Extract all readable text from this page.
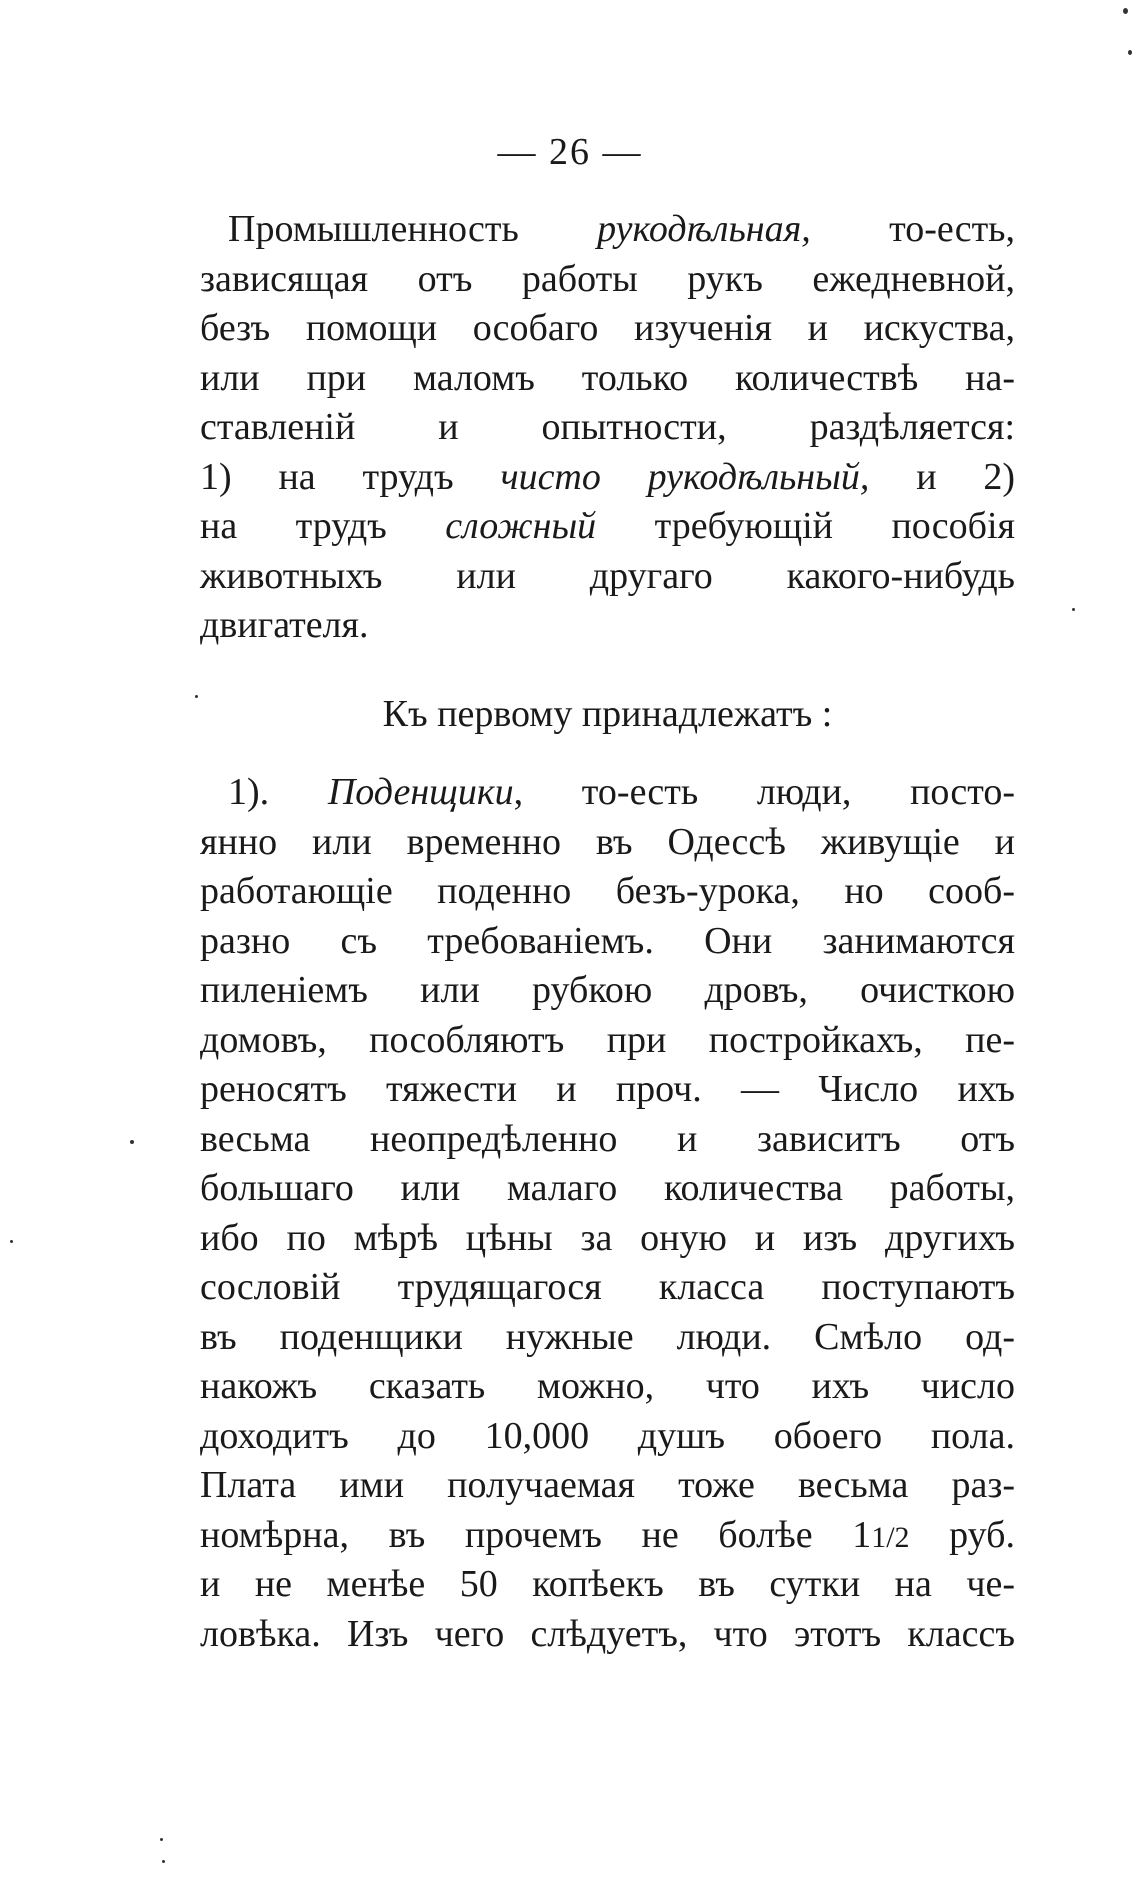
— 26 —
Промышленность рукодѣльная, то-есть,
зависящая отъ работы рукъ ежедневной,
безъ помощи особаго изученія и искуства,
или при маломъ только количествѣ на-
ставленій и опытности, раздѣляется:
1) на трудъ чисто рукодѣльный, и 2)
на трудъ сложный требующій пособія
животныхъ или другаго какого-нибудь
двигателя.
Къ первому принадлежатъ :
1). Поденщики, то-есть люди, посто-
янно или временно въ Одессѣ живущіе и
работающіе поденно безъ-урока, но сооб-
разно съ требованіемъ. Они занимаются
пиленіемъ или рубкою дровъ, очисткою
домовъ, пособляютъ при постройкахъ, пе-
реносятъ тяжести и проч. — Число ихъ
весьма неопредѣленно и зависитъ отъ
большаго или малаго количества работы,
ибо по мѣрѣ цѣны за оную и изъ другихъ
сословій трудящагося класса поступаютъ
въ поденщики нужные люди. Смѣло од-
накожъ сказать можно, что ихъ число
доходитъ до 10,000 душъ обоего пола.
Плата ими получаемая тоже весьма раз-
номѣрна, въ прочемъ не болѣе 11/2 руб.
и не менѣе 50 копѣекъ въ сутки на че-
ловѣка. Изъ чего слѣдуетъ, что этотъ классъ
